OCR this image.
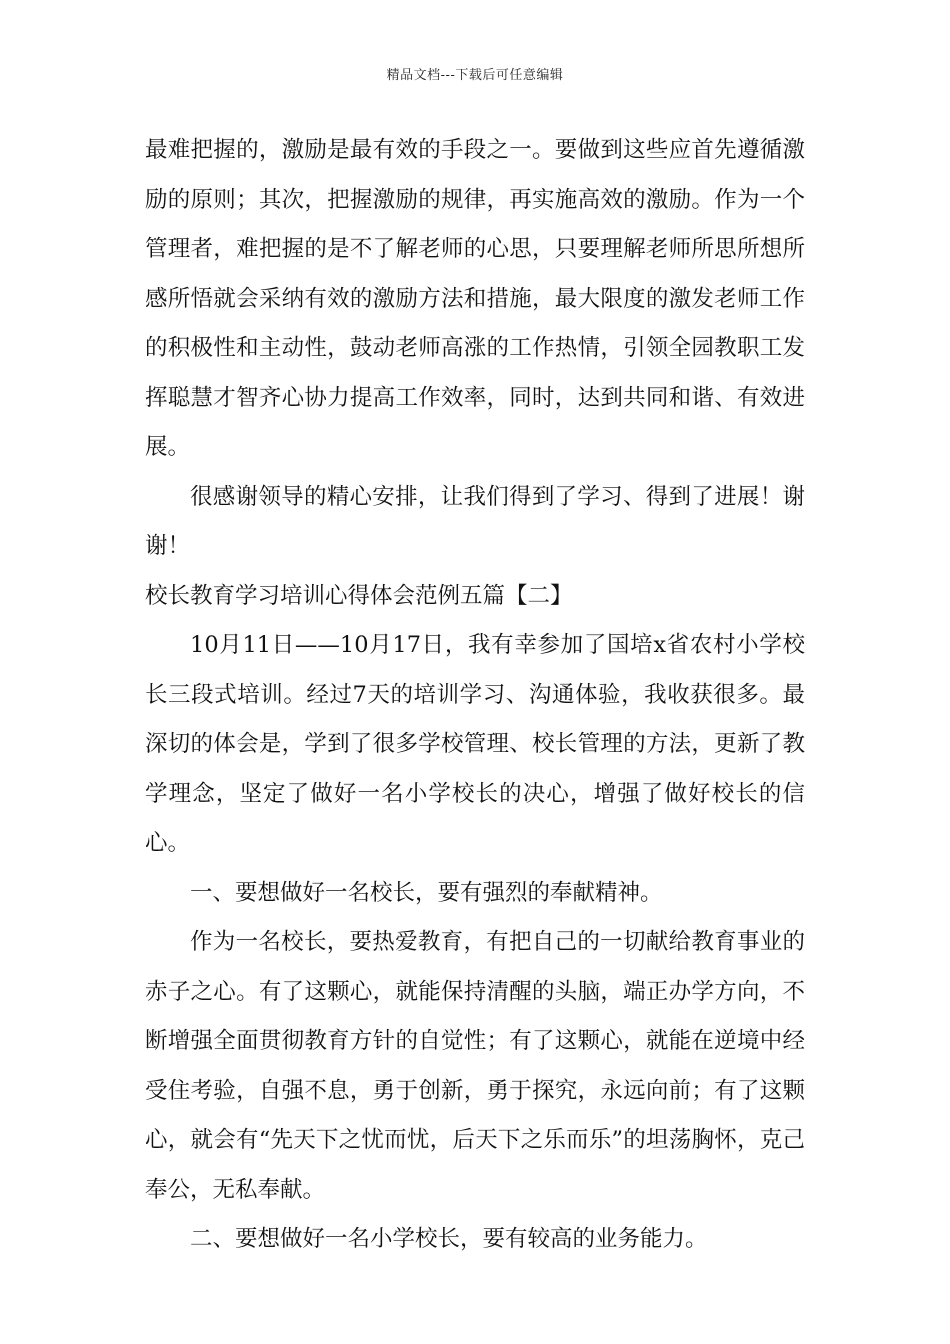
精品文档---下载后可任意编辑

最难把握的，激励是最有效的手段之一。要做到这些应首先遵循激励的原则；其次，把握激励的规律，再实施高效的激励。作为一个管理者，难把握的是不了解老师的心思，只要理解老师所思所想所感所悟就会采纳有效的激励方法和措施，最大限度的激发老师工作的积极性和主动性，鼓动老师高涨的工作热情，引领全园教职工发挥聪慧才智齐心协力提高工作效率，同时，达到共同和谐、有效进展。

很感谢领导的精心安排，让我们得到了学习、得到了进展！谢谢！

校长教育学习培训心得体会范例五篇【二】

10月11日——10月17日，我有幸参加了国培x省农村小学校长三段式培训。经过7天的培训学习、沟通体验，我收获很多。最深切的体会是，学到了很多学校管理、校长管理的方法，更新了教学理念，坚定了做好一名小学校长的决心，增强了做好校长的信心。

一、要想做好一名校长，要有强烈的奉献精神。

作为一名校长，要热爱教育，有把自己的一切献给教育事业的赤子之心。有了这颗心，就能保持清醒的头脑，端正办学方向，不断增强全面贯彻教育方针的自觉性；有了这颗心，就能在逆境中经受住考验，自强不息，勇于创新，勇于探究，永远向前；有了这颗心，就会有“先天下之忧而忧，后天下之乐而乐”的坦荡胸怀，克己奉公，无私奉献。

二、要想做好一名小学校长，要有较高的业务能力。
